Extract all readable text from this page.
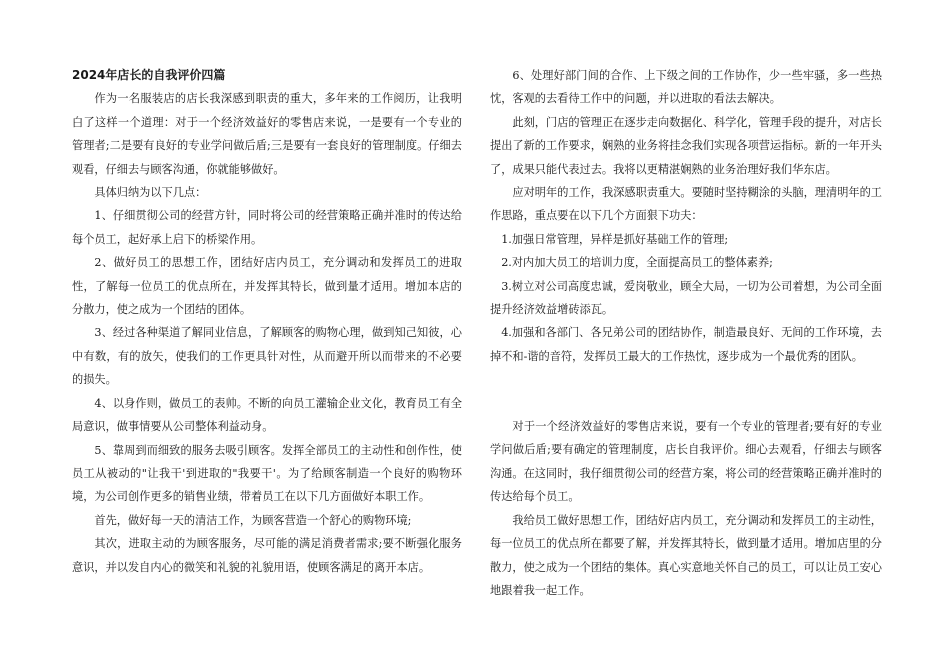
2024年店长的自我评价四篇

作为一名服装店的店长我深感到职责的重大，多年来的工作阅历，让我明白了这样一个道理：对于一个经济效益好的零售店来说，一是要有一个专业的管理者;二是要有良好的专业学问做后盾;三是要有一套良好的管理制度。仔细去观看，仔细去与顾客沟通，你就能够做好。

具体归纳为以下几点：

1、仔细贯彻公司的经营方针，同时将公司的经营策略正确并准时的传达给每个员工，起好承上启下的桥梁作用。

2、做好员工的思想工作，团结好店内员工，充分调动和发挥员工的进取性，了解每一位员工的优点所在，并发挥其特长，做到量才适用。增加本店的分散力，使之成为一个团结的团体。

3、经过各种渠道了解同业信息，了解顾客的购物心理，做到知己知彼，心中有数，有的放矢，使我们的工作更具针对性，从而避开所以而带来的不必要的损失。

4、以身作则，做员工的表帅。不断的向员工灌输企业文化，教育员工有全局意识，做事情要从公司整体利益动身。

5、靠周到而细致的服务去吸引顾客。发挥全部员工的主动性和创作性，使员工从被动的"让我干'到进取的"我要干'。为了给顾客制造一个良好的购物环境，为公司创作更多的销售业绩，带着员工在以下几方面做好本职工作。

首先，做好每一天的清洁工作，为顾客营造一个舒心的购物环境;

其次，进取主动的为顾客服务，尽可能的满足消费者需求;要不断强化服务意识，并以发自内心的微笑和礼貌的礼貌用语，使顾客满足的离开本店。

6、处理好部门间的合作、上下级之间的工作协作，少一些牢骚，多一些热忱，客观的去看待工作中的问题，并以进取的看法去解决。

此刻，门店的管理正在逐步走向数据化、科学化，管理手段的提升，对店长提出了新的工作要求，娴熟的业务将挂念我们实现各项营运指标。新的一年开头了，成果只能代表过去。我将以更精湛娴熟的业务治理好我们华东店。

应对明年的工作，我深感职责重大。要随时坚持糊涂的头脑，理清明年的工作思路，重点要在以下几个方面狠下功夫：

1.加强日常管理，异样是抓好基础工作的管理;

2.对内加大员工的培训力度，全面提高员工的整体素养;

3.树立对公司高度忠诚，爱岗敬业，顾全大局，一切为公司着想，为公司全面提升经济效益增砖添瓦。

4.加强和各部门、各兄弟公司的团结协作，制造最良好、无间的工作环境，去掉不和-谐的音符，发挥员工最大的工作热忱，逐步成为一个最优秀的团队。

对于一个经济效益好的零售店来说，要有一个专业的管理者;要有好的专业学问做后盾;要有确定的管理制度，店长自我评价。细心去观看，仔细去与顾客沟通。在这同时，我仔细贯彻公司的经营方案，将公司的经营策略正确并准时的传达给每个员工。

我给员工做好思想工作，团结好店内员工，充分调动和发挥员工的主动性，每一位员工的优点所在都要了解，并发挥其特长，做到量才适用。增加店里的分散力，使之成为一个团结的集体。真心实意地关怀自己的员工，可以让员工安心地跟着我一起工作。
